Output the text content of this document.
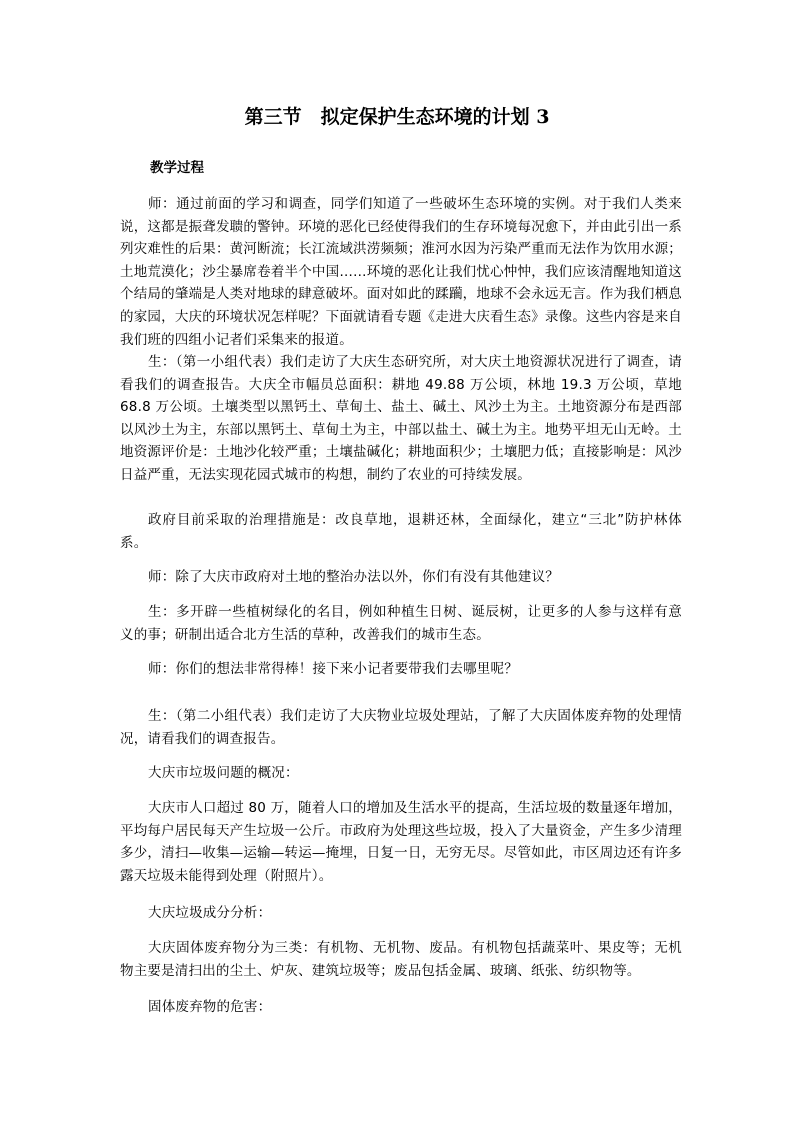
第三节　拟定保护生态环境的计划 3
教学过程

师：通过前面的学习和调查，同学们知道了一些破坏生态环境的实例。对于我们人类来说，这都是振聋发聩的警钟。环境的恶化已经使得我们的生存环境每况愈下，并由此引出一系列灾难性的后果：黄河断流；长江流域洪涝频频；淮河水因为污染严重而无法作为饮用水源；土地荒漠化；沙尘暴席卷着半个中国……环境的恶化让我们忧心忡忡，我们应该清醒地知道这个结局的肇端是人类对地球的肆意破坏。面对如此的蹂躏，地球不会永远无言。作为我们栖息的家园，大庆的环境状况怎样呢？下面就请看专题《走进大庆看生态》录像。这些内容是来自我们班的四组小记者们采集来的报道。

生：（第一小组代表）我们走访了大庆生态研究所，对大庆土地资源状况进行了调查，请看我们的调查报告。大庆全市幅员总面积：耕地 49.88 万公顷，林地 19.3 万公顷，草地 68.8 万公顷。土壤类型以黑钙土、草甸土、盐土、碱土、风沙土为主。土地资源分布是西部以风沙土为主，东部以黑钙土、草甸土为主，中部以盐土、碱土为主。地势平坦无山无岭。土地资源评价是：土地沙化较严重；土壤盐碱化；耕地面积少；土壤肥力低；直接影响是：风沙日益严重，无法实现花园式城市的构想，制约了农业的可持续发展。

政府目前采取的治理措施是：改良草地，退耕还林，全面绿化，建立“三北”防护林体系。

师：除了大庆市政府对土地的整治办法以外，你们有没有其他建议？

生：多开辟一些植树绿化的名目，例如种植生日树、诞辰树，让更多的人参与这样有意义的事；研制出适合北方生活的草种，改善我们的城市生态。

师：你们的想法非常得棒！接下来小记者要带我们去哪里呢？

生：（第二小组代表）我们走访了大庆物业垃圾处理站，了解了大庆固体废弃物的处理情况，请看我们的调查报告。

大庆市垃圾问题的概况：

大庆市人口超过 80 万，随着人口的增加及生活水平的提高，生活垃圾的数量逐年增加，平均每户居民每天产生垃圾一公斤。市政府为处理这些垃圾，投入了大量资金，产生多少清理多少，清扫—收集—运输—转运—掩埋，日复一日，无穷无尽。尽管如此，市区周边还有许多露天垃圾未能得到处理（附照片）。

大庆垃圾成分分析：

大庆固体废弃物分为三类：有机物、无机物、废品。有机物包括蔬菜叶、果皮等；无机物主要是清扫出的尘土、炉灰、建筑垃圾等；废品包括金属、玻璃、纸张、纺织物等。

固体废弃物的危害：
